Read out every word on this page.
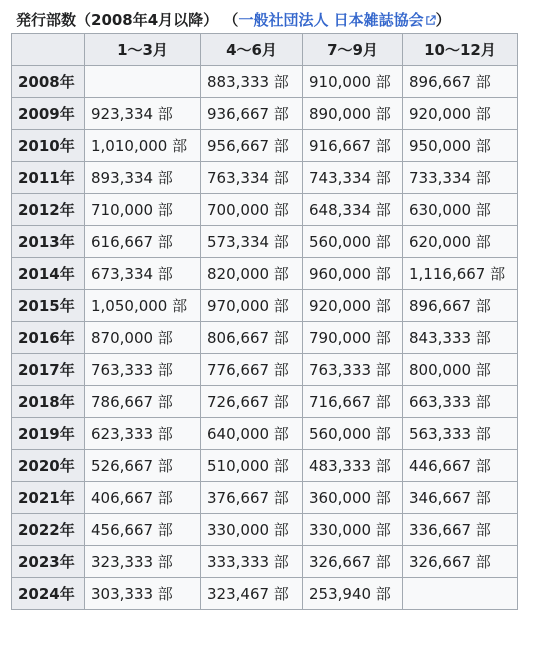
発行部数（2008年4月以降） （一般社団法人 日本雑誌協会 ）
	1～3月	4～6月	7～9月	10～12月
2008年		883,333 部	910,000 部	896,667 部
2009年	923,334 部	936,667 部	890,000 部	920,000 部
2010年	1,010,000 部	956,667 部	916,667 部	950,000 部
2011年	893,334 部	763,334 部	743,334 部	733,334 部
2012年	710,000 部	700,000 部	648,334 部	630,000 部
2013年	616,667 部	573,334 部	560,000 部	620,000 部
2014年	673,334 部	820,000 部	960,000 部	1,116,667 部
2015年	1,050,000 部	970,000 部	920,000 部	896,667 部
2016年	870,000 部	806,667 部	790,000 部	843,333 部
2017年	763,333 部	776,667 部	763,333 部	800,000 部
2018年	786,667 部	726,667 部	716,667 部	663,333 部
2019年	623,333 部	640,000 部	560,000 部	563,333 部
2020年	526,667 部	510,000 部	483,333 部	446,667 部
2021年	406,667 部	376,667 部	360,000 部	346,667 部
2022年	456,667 部	330,000 部	330,000 部	336,667 部
2023年	323,333 部	333,333 部	326,667 部	326,667 部
2024年	303,333 部	323,467 部	253,940 部	
